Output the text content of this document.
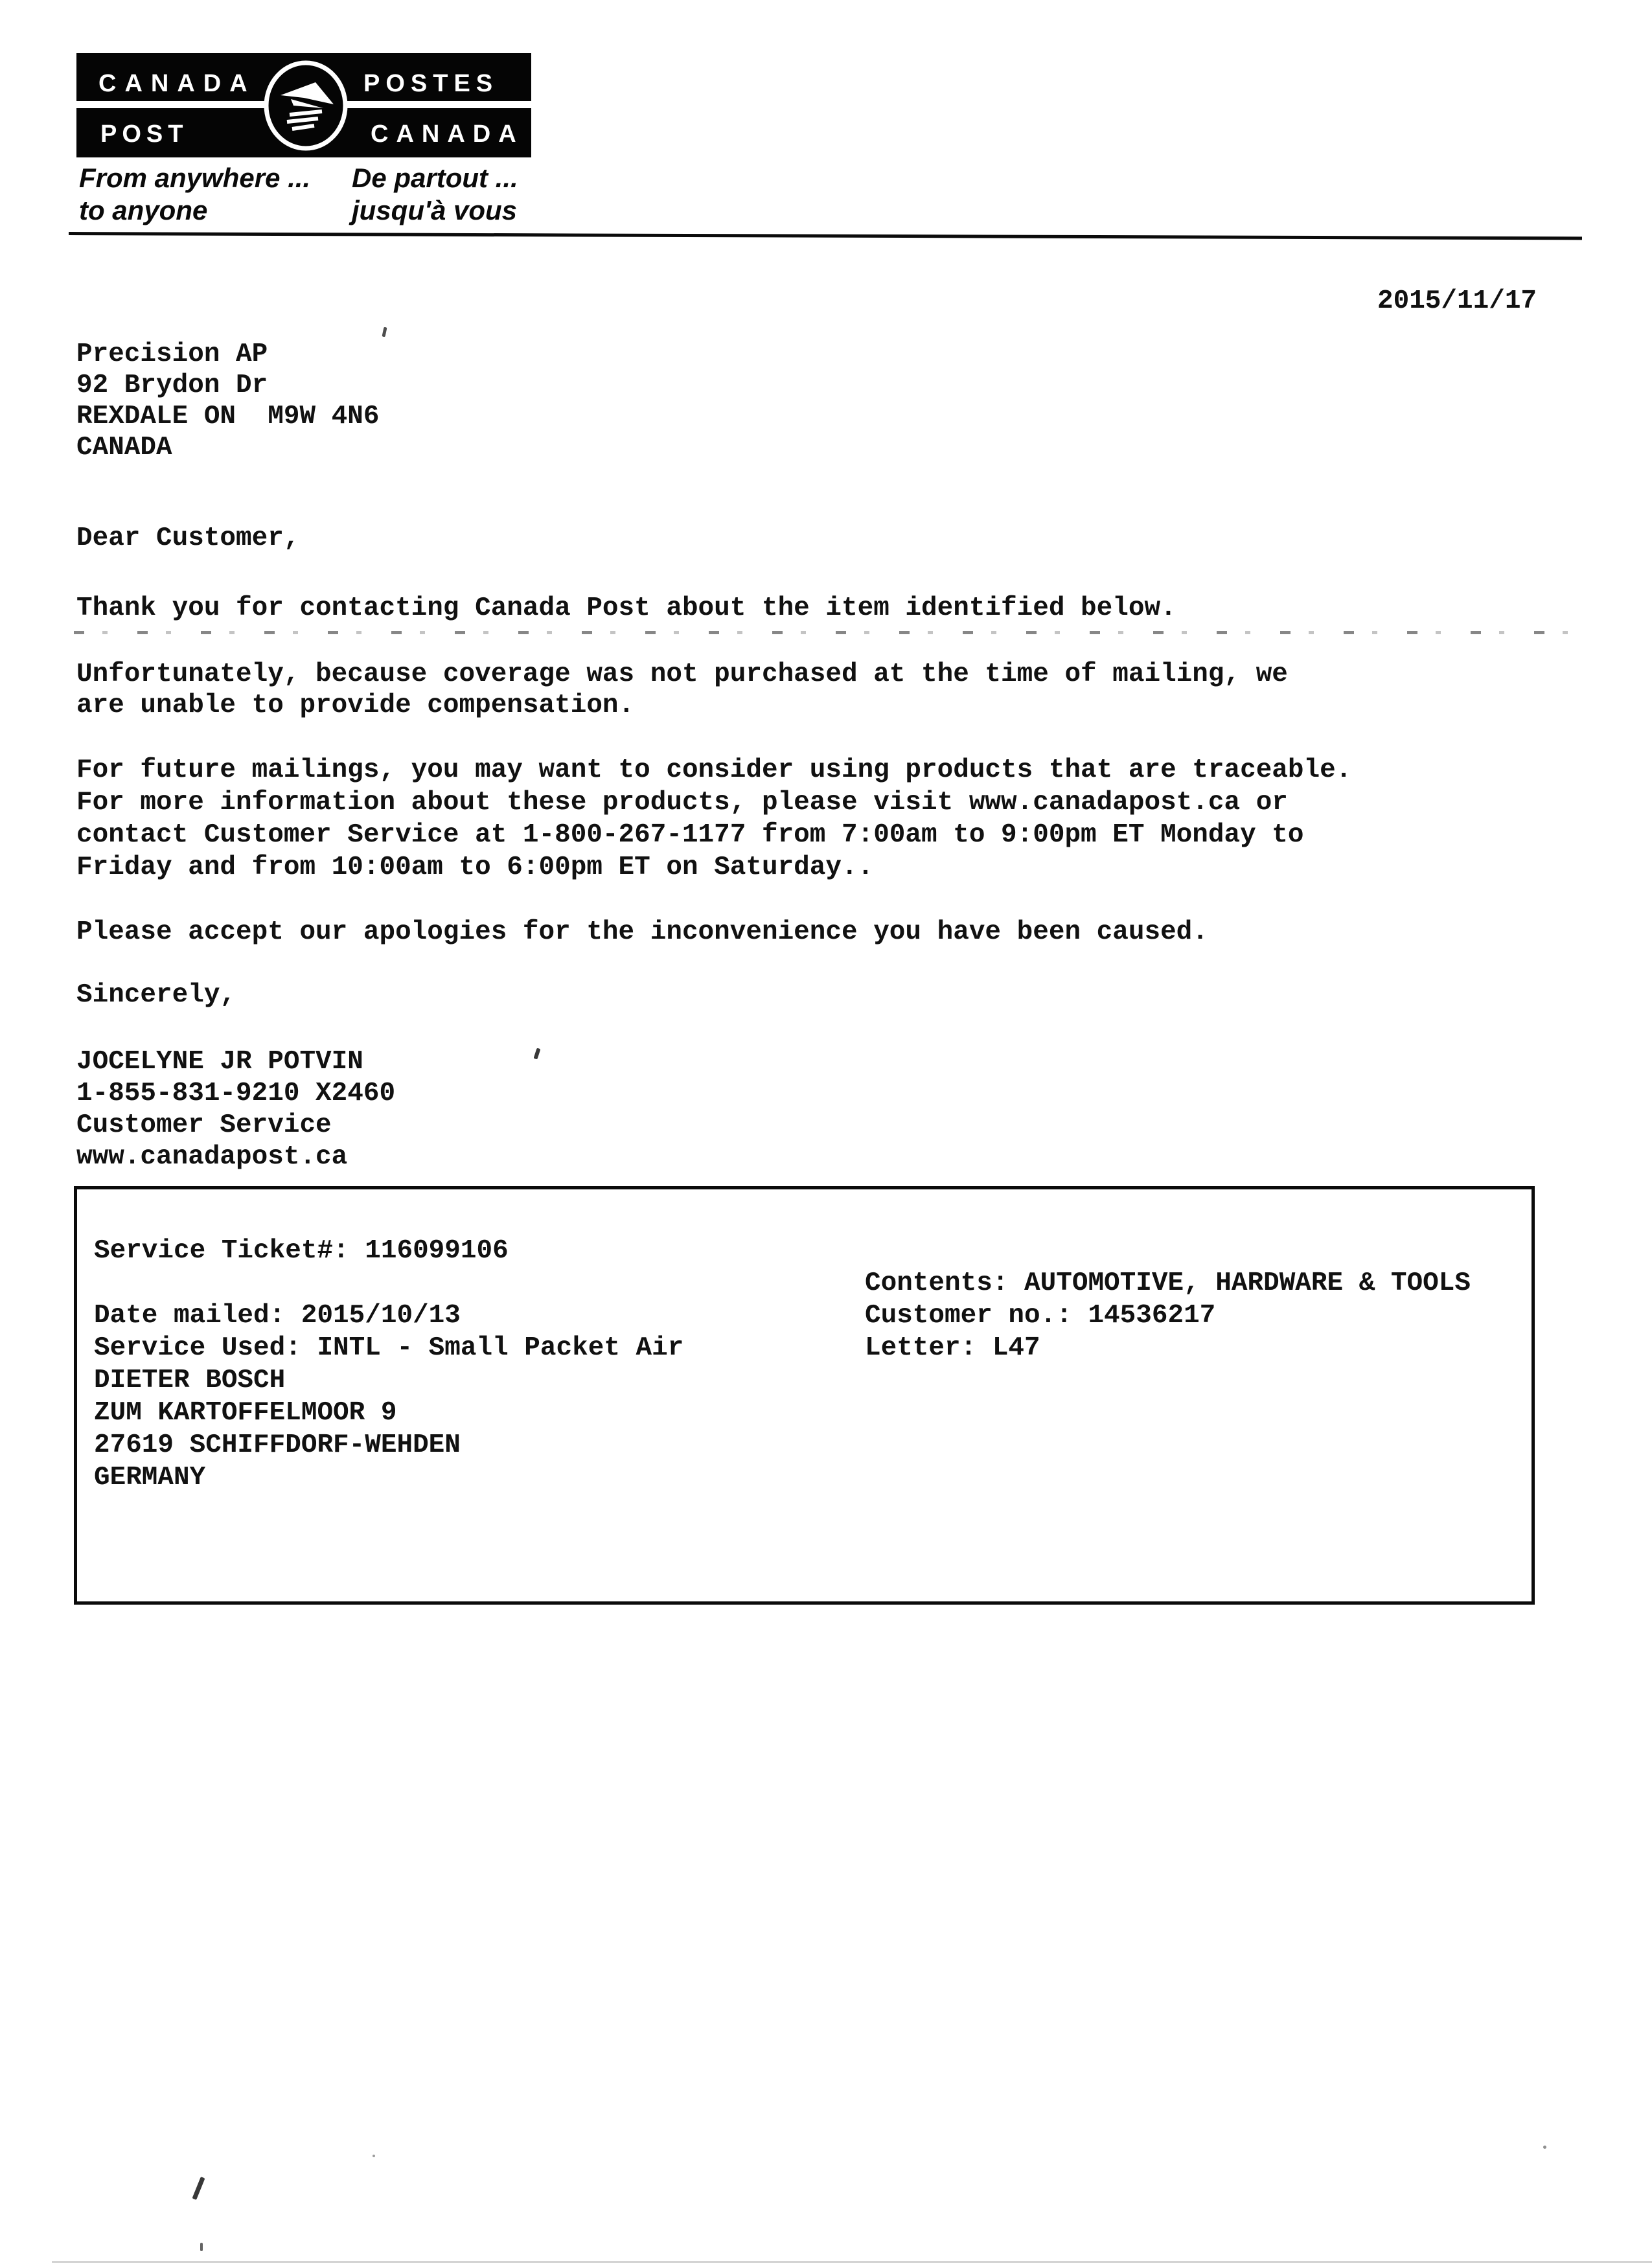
CANADA	POSTES
POST	CANADA
From anywhere ...
to anyone
De partout ...
jusqu'à vous
2015/11/17
Precision AP
92 Brydon Dr
REXDALE ON  M9W 4N6
CANADA
Dear Customer,
Thank you for contacting Canada Post about the item identified below.
Unfortunately, because coverage was not purchased at the time of mailing, we
are unable to provide compensation.
For future mailings, you may want to consider using products that are traceable.
For more information about these products, please visit www.canadapost.ca or
contact Customer Service at 1-800-267-1177 from 7:00am to 9:00pm ET Monday to
Friday and from 10:00am to 6:00pm ET on Saturday..
Please accept our apologies for the inconvenience you have been caused.
Sincerely,
JOCELYNE JR POTVIN
1-855-831-9210 X2460
Customer Service
www.canadapost.ca
Service Ticket#: 116099106
Contents: AUTOMOTIVE, HARDWARE & TOOLS
Date mailed: 2015/10/13	Customer no.: 14536217
Service Used: INTL - Small Packet Air	Letter: L47
DIETER BOSCH
ZUM KARTOFFELMOOR 9
27619 SCHIFFDORF-WEHDEN
GERMANY
